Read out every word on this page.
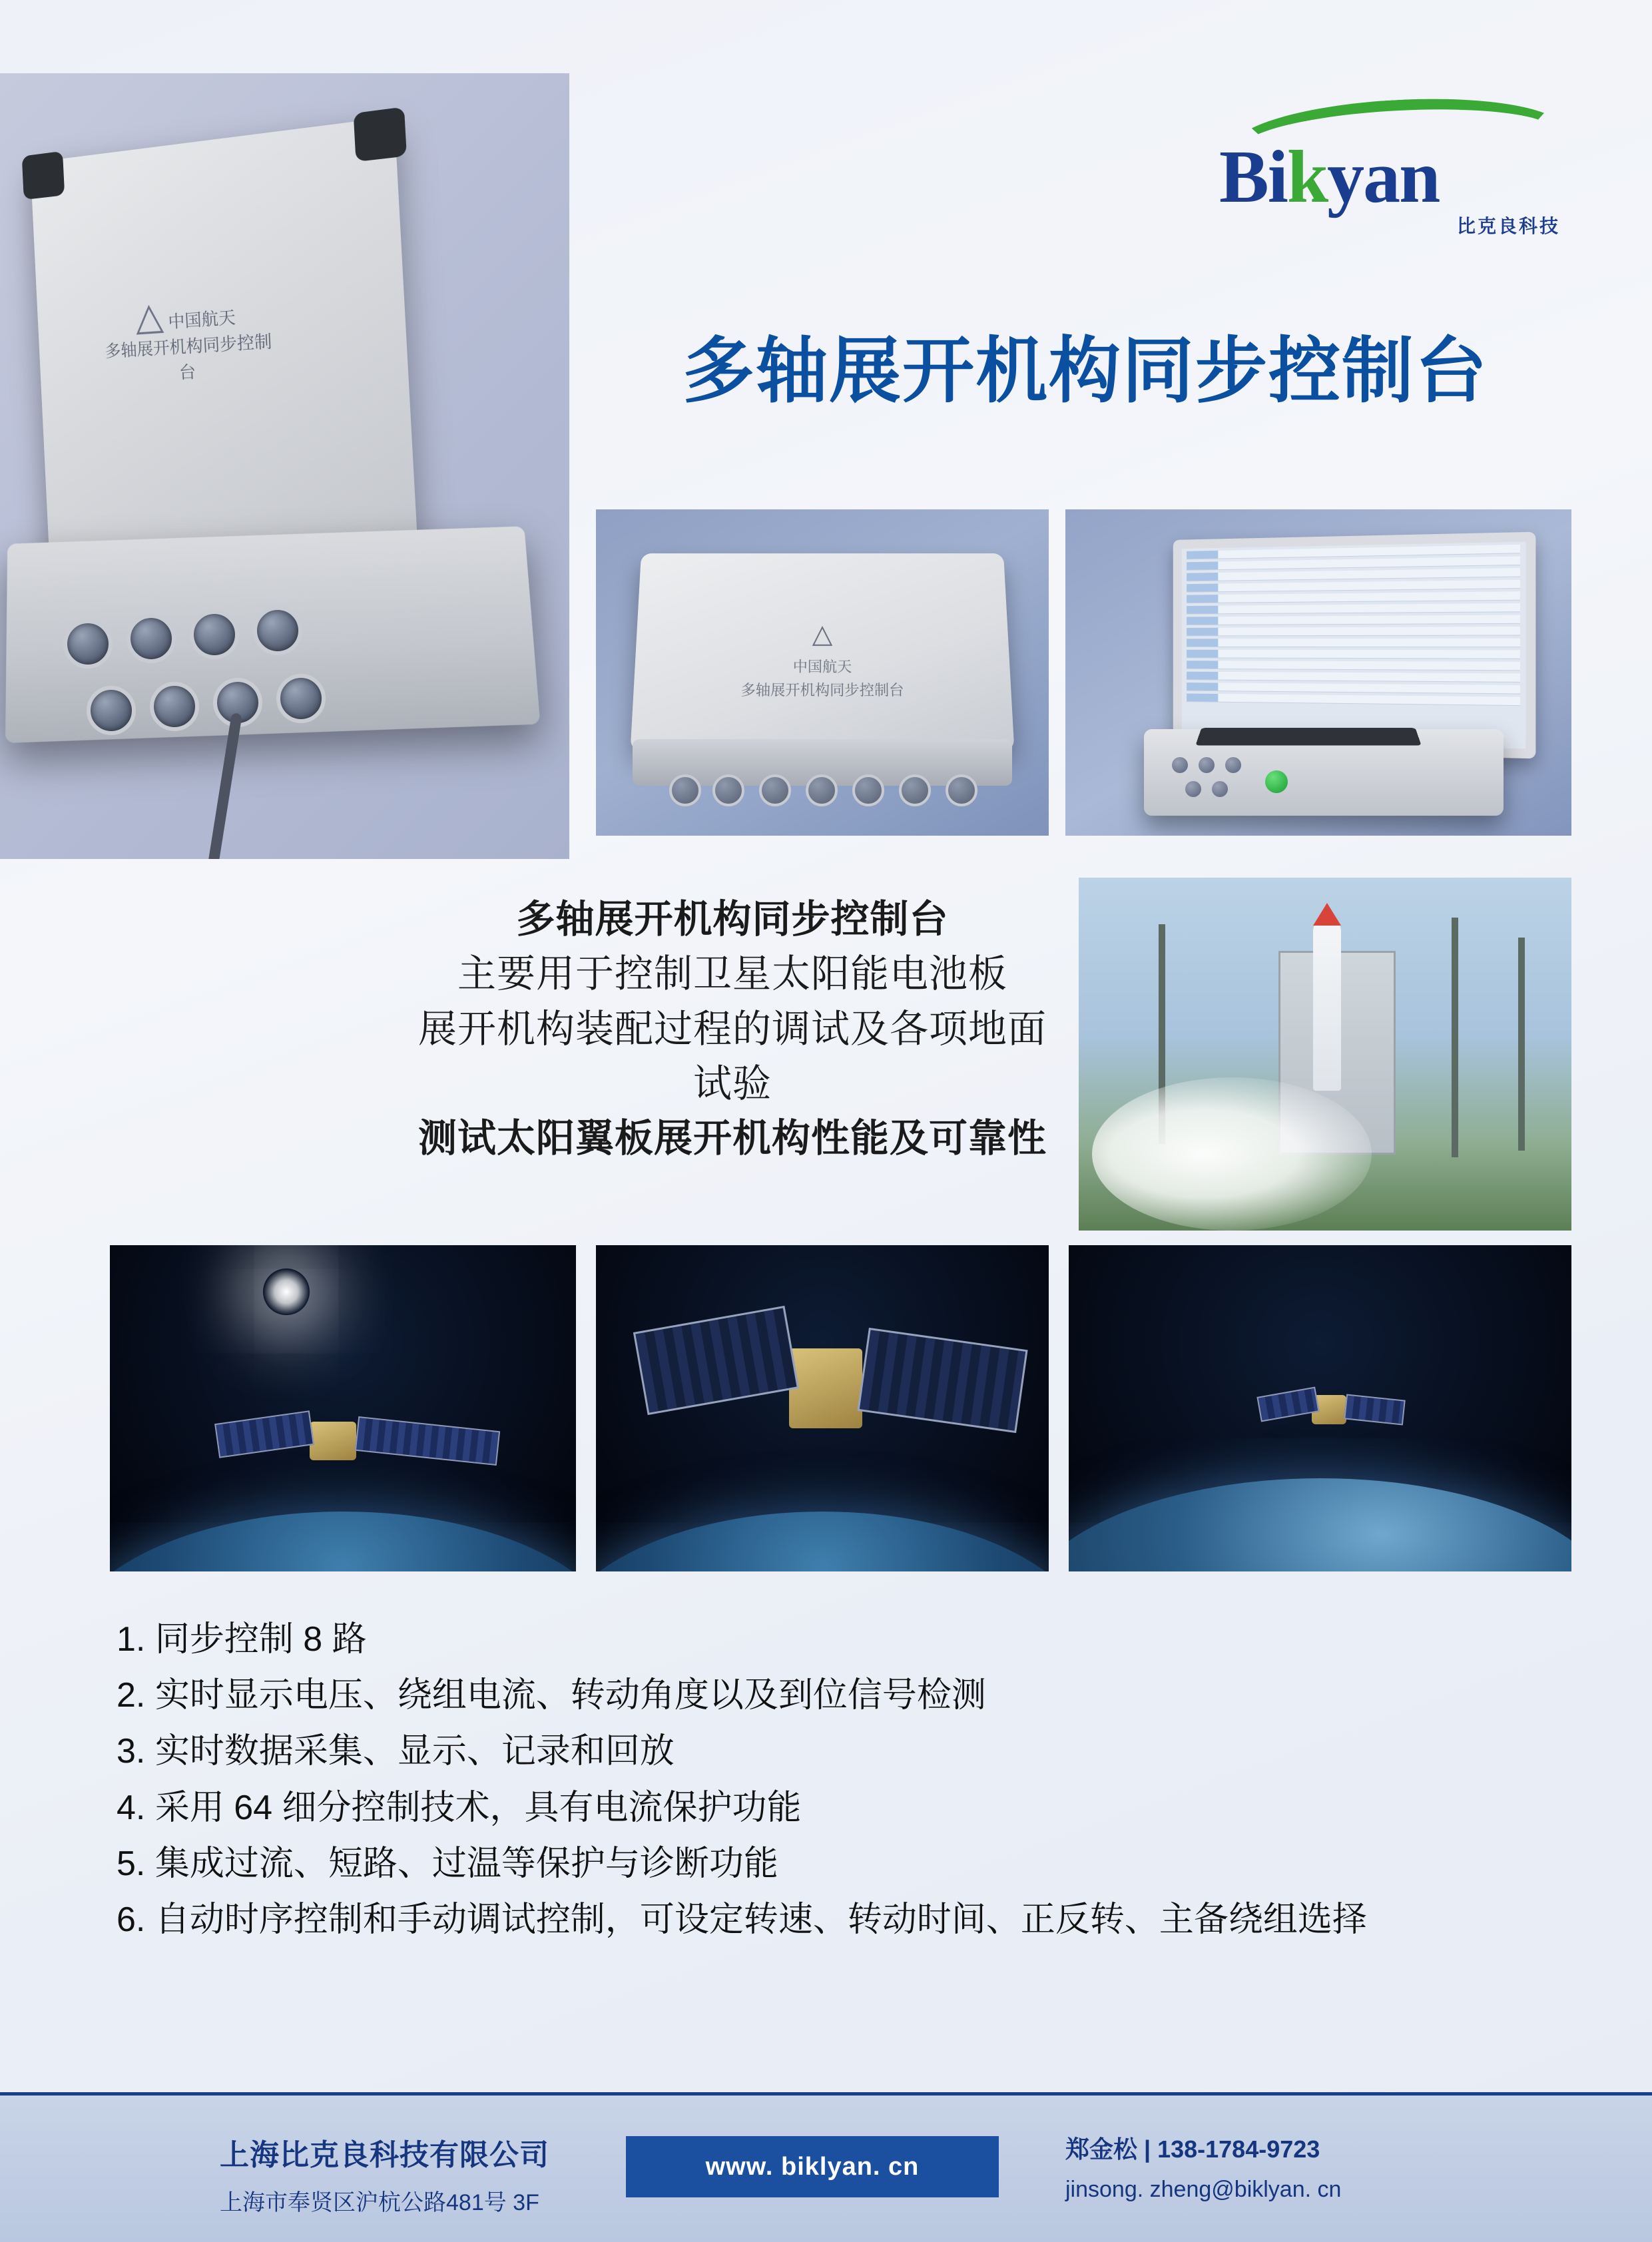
Bikyan
比克良科技
多轴展开机构同步控制台
△ 中国航天
多轴展开机构同步控制台
△
中国航天
多轴展开机构同步控制台
多轴展开机构同步控制台
主要用于控制卫星太阳能电池板
展开机构装配过程的调试及各项地面试验
测试太阳翼板展开机构性能及可靠性
1. 同步控制 8 路
2. 实时显示电压、绕组电流、转动角度以及到位信号检测
3. 实时数据采集、显示、记录和回放
4. 采用 64 细分控制技术，具有电流保护功能
5. 集成过流、短路、过温等保护与诊断功能
6. 自动时序控制和手动调试控制，可设定转速、转动时间、正反转、主备绕组选择
上海比克良科技有限公司
上海市奉贤区沪杭公路481号 3F
www. biklyan. cn
郑金松 | 138-1784-9723
jinsong. zheng@biklyan. cn
